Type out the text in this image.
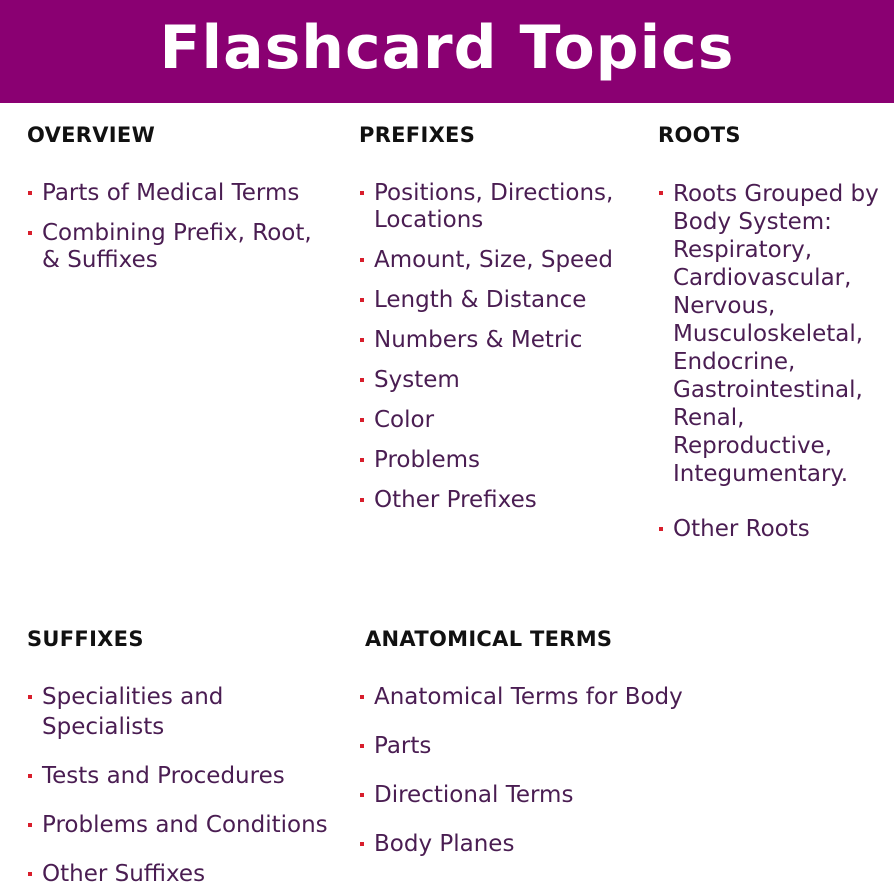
Flashcard Topics
OVERVIEW
Parts of Medical Terms
Combining Prefix, Root, & Suffixes
PREFIXES
Positions, Directions, Locations
Amount, Size, Speed
Length & Distance
Numbers & Metric
System
Color
Problems
Other Prefixes
ROOTS
Roots Grouped by Body System: Respiratory, Cardiovascular, Nervous, Musculoskeletal, Endocrine, Gastrointestinal, Renal, Reproductive, Integumentary.
Other Roots
SUFFIXES
Specialities and Specialists
Tests and Procedures
Problems and Conditions
Other Suffixes
ANATOMICAL TERMS
Anatomical Terms for Body
Parts
Directional Terms
Body Planes
